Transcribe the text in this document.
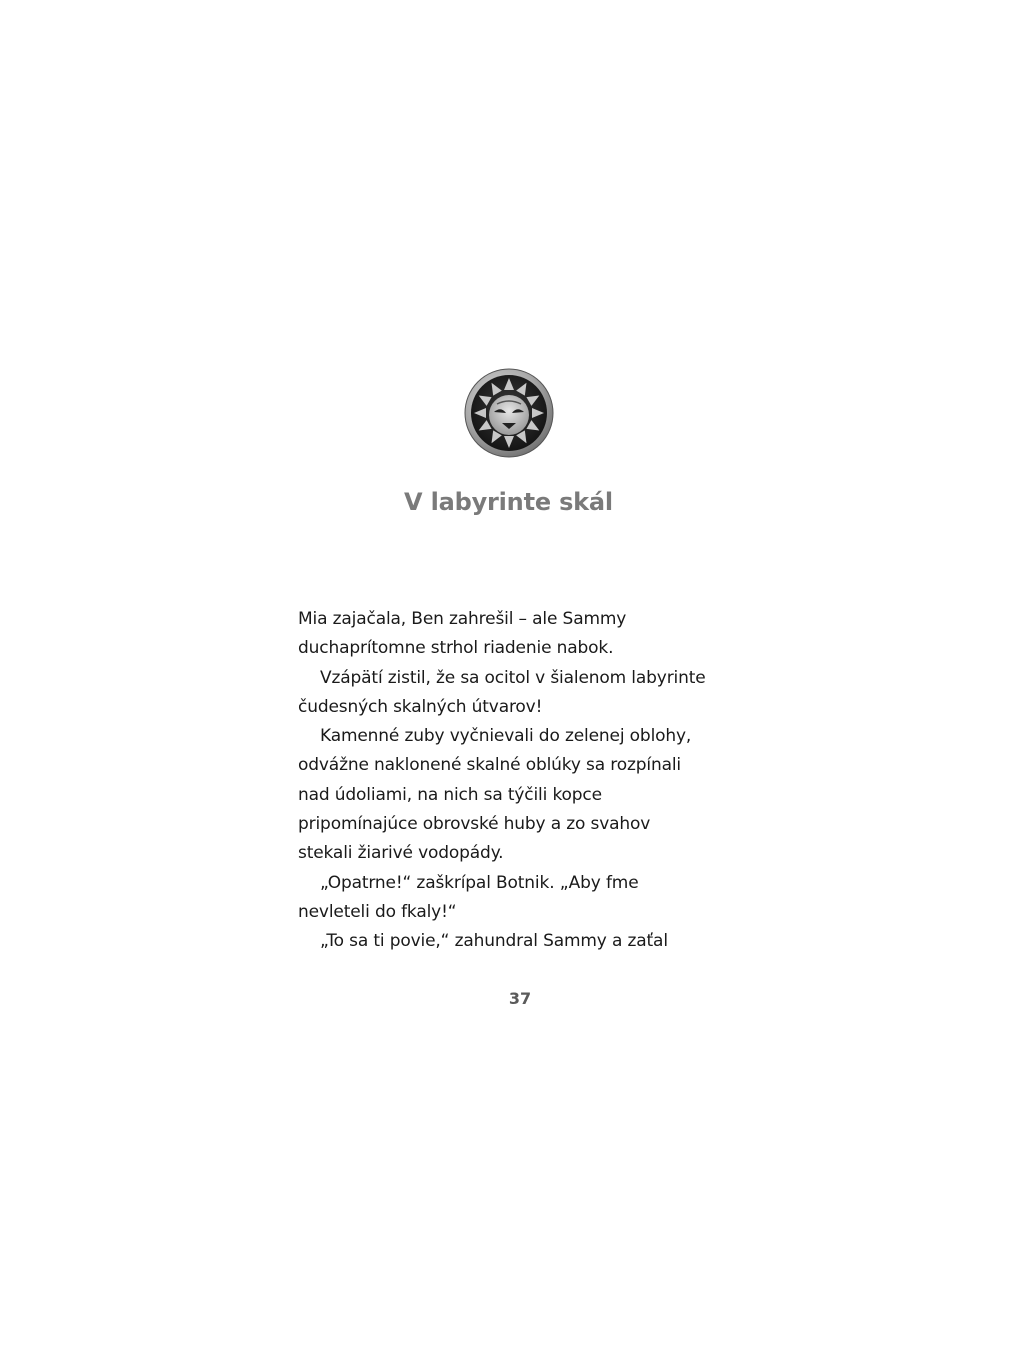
V labyrinte skál
Mia zajačala, Ben zahrešil – ale Sammy
duchaprítomne strhol riadenie nabok.
Vzápätí zistil, že sa ocitol v šialenom labyrinte
čudesných skalných útvarov!
Kamenné zuby vyčnievali do zelenej oblohy,
odvážne naklonené skalné oblúky sa rozpínali
nad údoliami, na nich sa týčili kopce
pripomínajúce obrovské huby a zo svahov
stekali žiarivé vodopády.
„Opatrne!“ zaškrípal Botnik. „Aby fme
nevleteli do fkaly!“
„To sa ti povie,“ zahundral Sammy a zaťal
37
